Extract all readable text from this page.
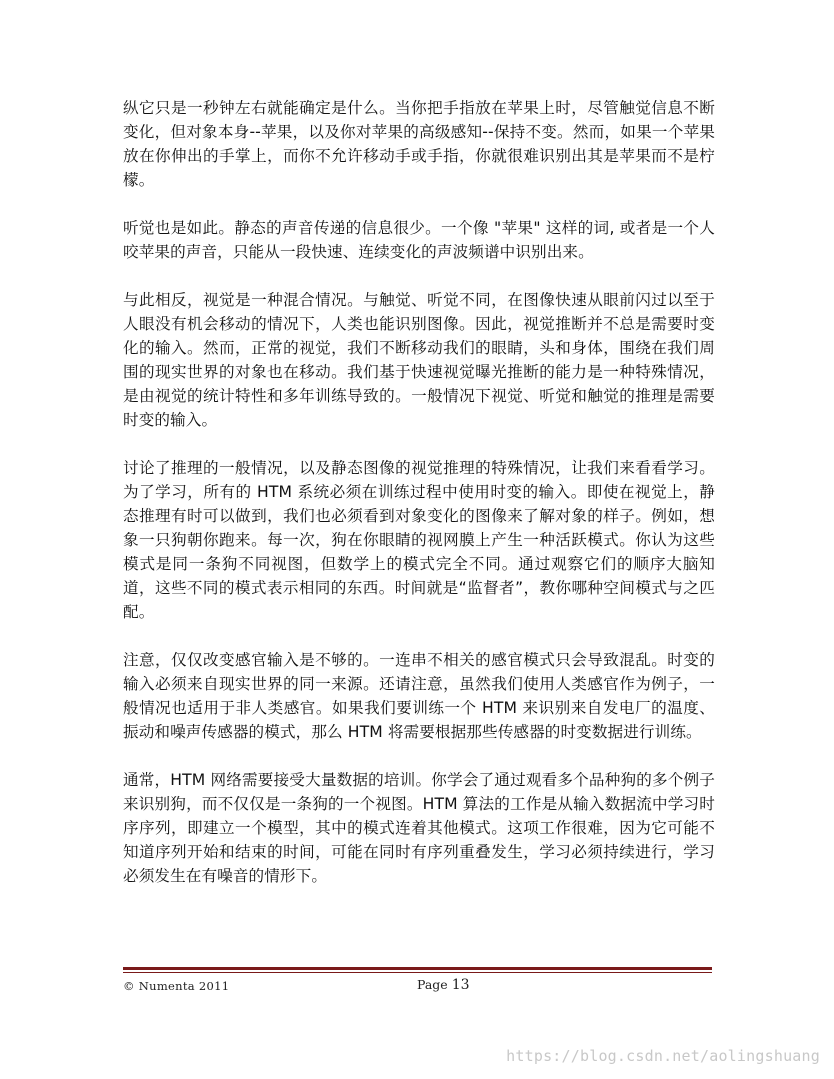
纵它只是一秒钟左右就能确定是什么。当你把手指放在苹果上时，尽管触觉信息不断变化，但对象本身--苹果，以及你对苹果的高级感知--保持不变。然而，如果一个苹果放在你伸出的手掌上，而你不允许移动手或手指，你就很难识别出其是苹果而不是柠檬。

听觉也是如此。静态的声音传递的信息很少。一个像 "苹果" 这样的词, 或者是一个人咬苹果的声音，只能从一段快速、连续变化的声波频谱中识别出来。

与此相反，视觉是一种混合情况。与触觉、听觉不同，在图像快速从眼前闪过以至于人眼没有机会移动的情况下，人类也能识别图像。因此，视觉推断并不总是需要时变化的输入。然而，正常的视觉，我们不断移动我们的眼睛，头和身体，围绕在我们周围的现实世界的对象也在移动。我们基于快速视觉曝光推断的能力是一种特殊情况，是由视觉的统计特性和多年训练导致的。一般情况下视觉、听觉和触觉的推理是需要时变的输入。

讨论了推理的一般情况，以及静态图像的视觉推理的特殊情况，让我们来看看学习。为了学习，所有的 HTM 系统必须在训练过程中使用时变的输入。即使在视觉上，静态推理有时可以做到，我们也必须看到对象变化的图像来了解对象的样子。例如，想象一只狗朝你跑来。每一次，狗在你眼睛的视网膜上产生一种活跃模式。你认为这些模式是同一条狗不同视图，但数学上的模式完全不同。通过观察它们的顺序大脑知道，这些不同的模式表示相同的东西。时间就是“监督者”，教你哪种空间模式与之匹配。

注意，仅仅改变感官输入是不够的。一连串不相关的感官模式只会导致混乱。时变的输入必须来自现实世界的同一来源。还请注意，虽然我们使用人类感官作为例子，一般情况也适用于非人类感官。如果我们要训练一个 HTM 来识别来自发电厂的温度、振动和噪声传感器的模式，那么 HTM 将需要根据那些传感器的时变数据进行训练。

通常，HTM 网络需要接受大量数据的培训。你学会了通过观看多个品种狗的多个例子来识别狗，而不仅仅是一条狗的一个视图。HTM 算法的工作是从输入数据流中学习时序序列，即建立一个模型，其中的模式连着其他模式。这项工作很难，因为它可能不知道序列开始和结束的时间，可能在同时有序列重叠发生，学习必须持续进行，学习必须发生在有噪音的情形下。

© Numenta 2011	Page 13
https://blog.csdn.net/aolingshuang
